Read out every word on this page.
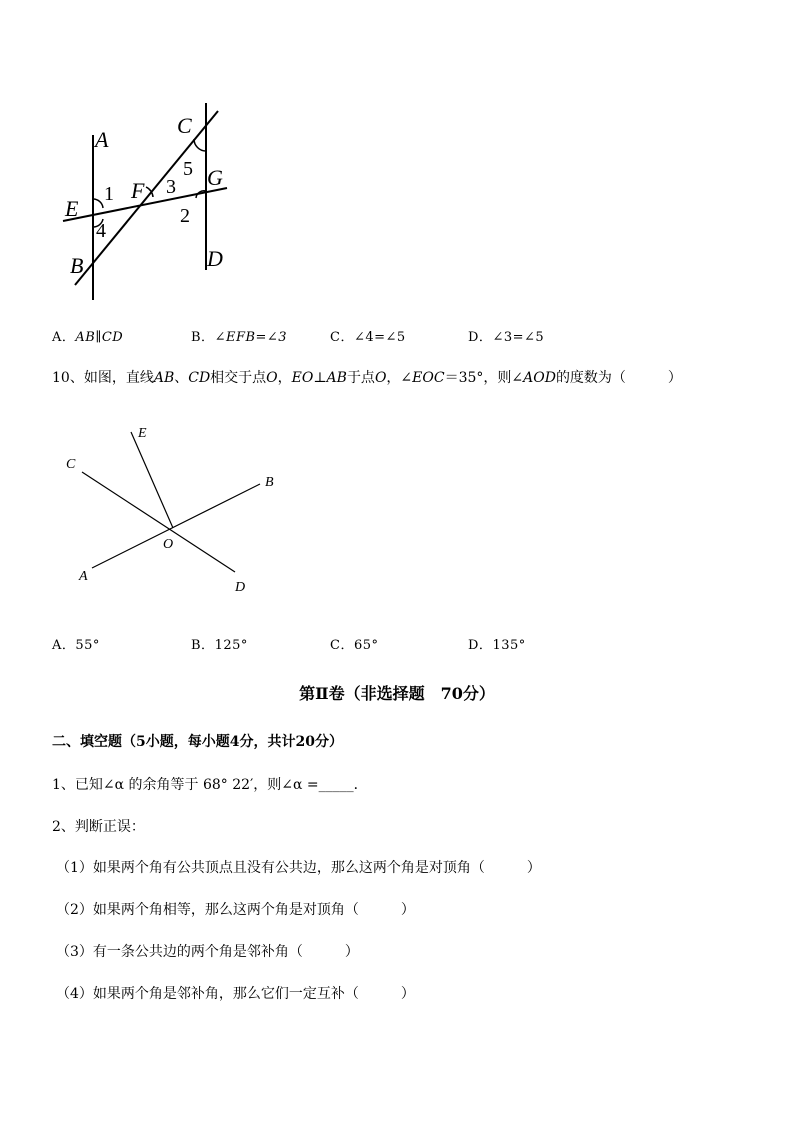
A
C
E
F
G
B	D
1
2
3
4
5
A．AB∥CD	B．∠EFB=∠3	C．∠4=∠5	D．∠3=∠5
10、如图，直线AB、CD相交于点O，EO⊥AB于点O，∠EOC＝35°，则∠AOD的度数为（　　　）
E
C
B
O
A
D
A．55°	B．125°	C．65°	D．135°
第Ⅱ卷（非选择题　70分）
二、填空题（5小题，每小题4分，共计20分）
1、已知∠α 的余角等于 68° 22′，则∠α =_____．
2、判断正误：
（1）如果两个角有公共顶点且没有公共边，那么这两个角是对顶角（　　　）
（2）如果两个角相等，那么这两个角是对顶角（　　　）
（3）有一条公共边的两个角是邻补角（　　　）
（4）如果两个角是邻补角，那么它们一定互补（　　　）
